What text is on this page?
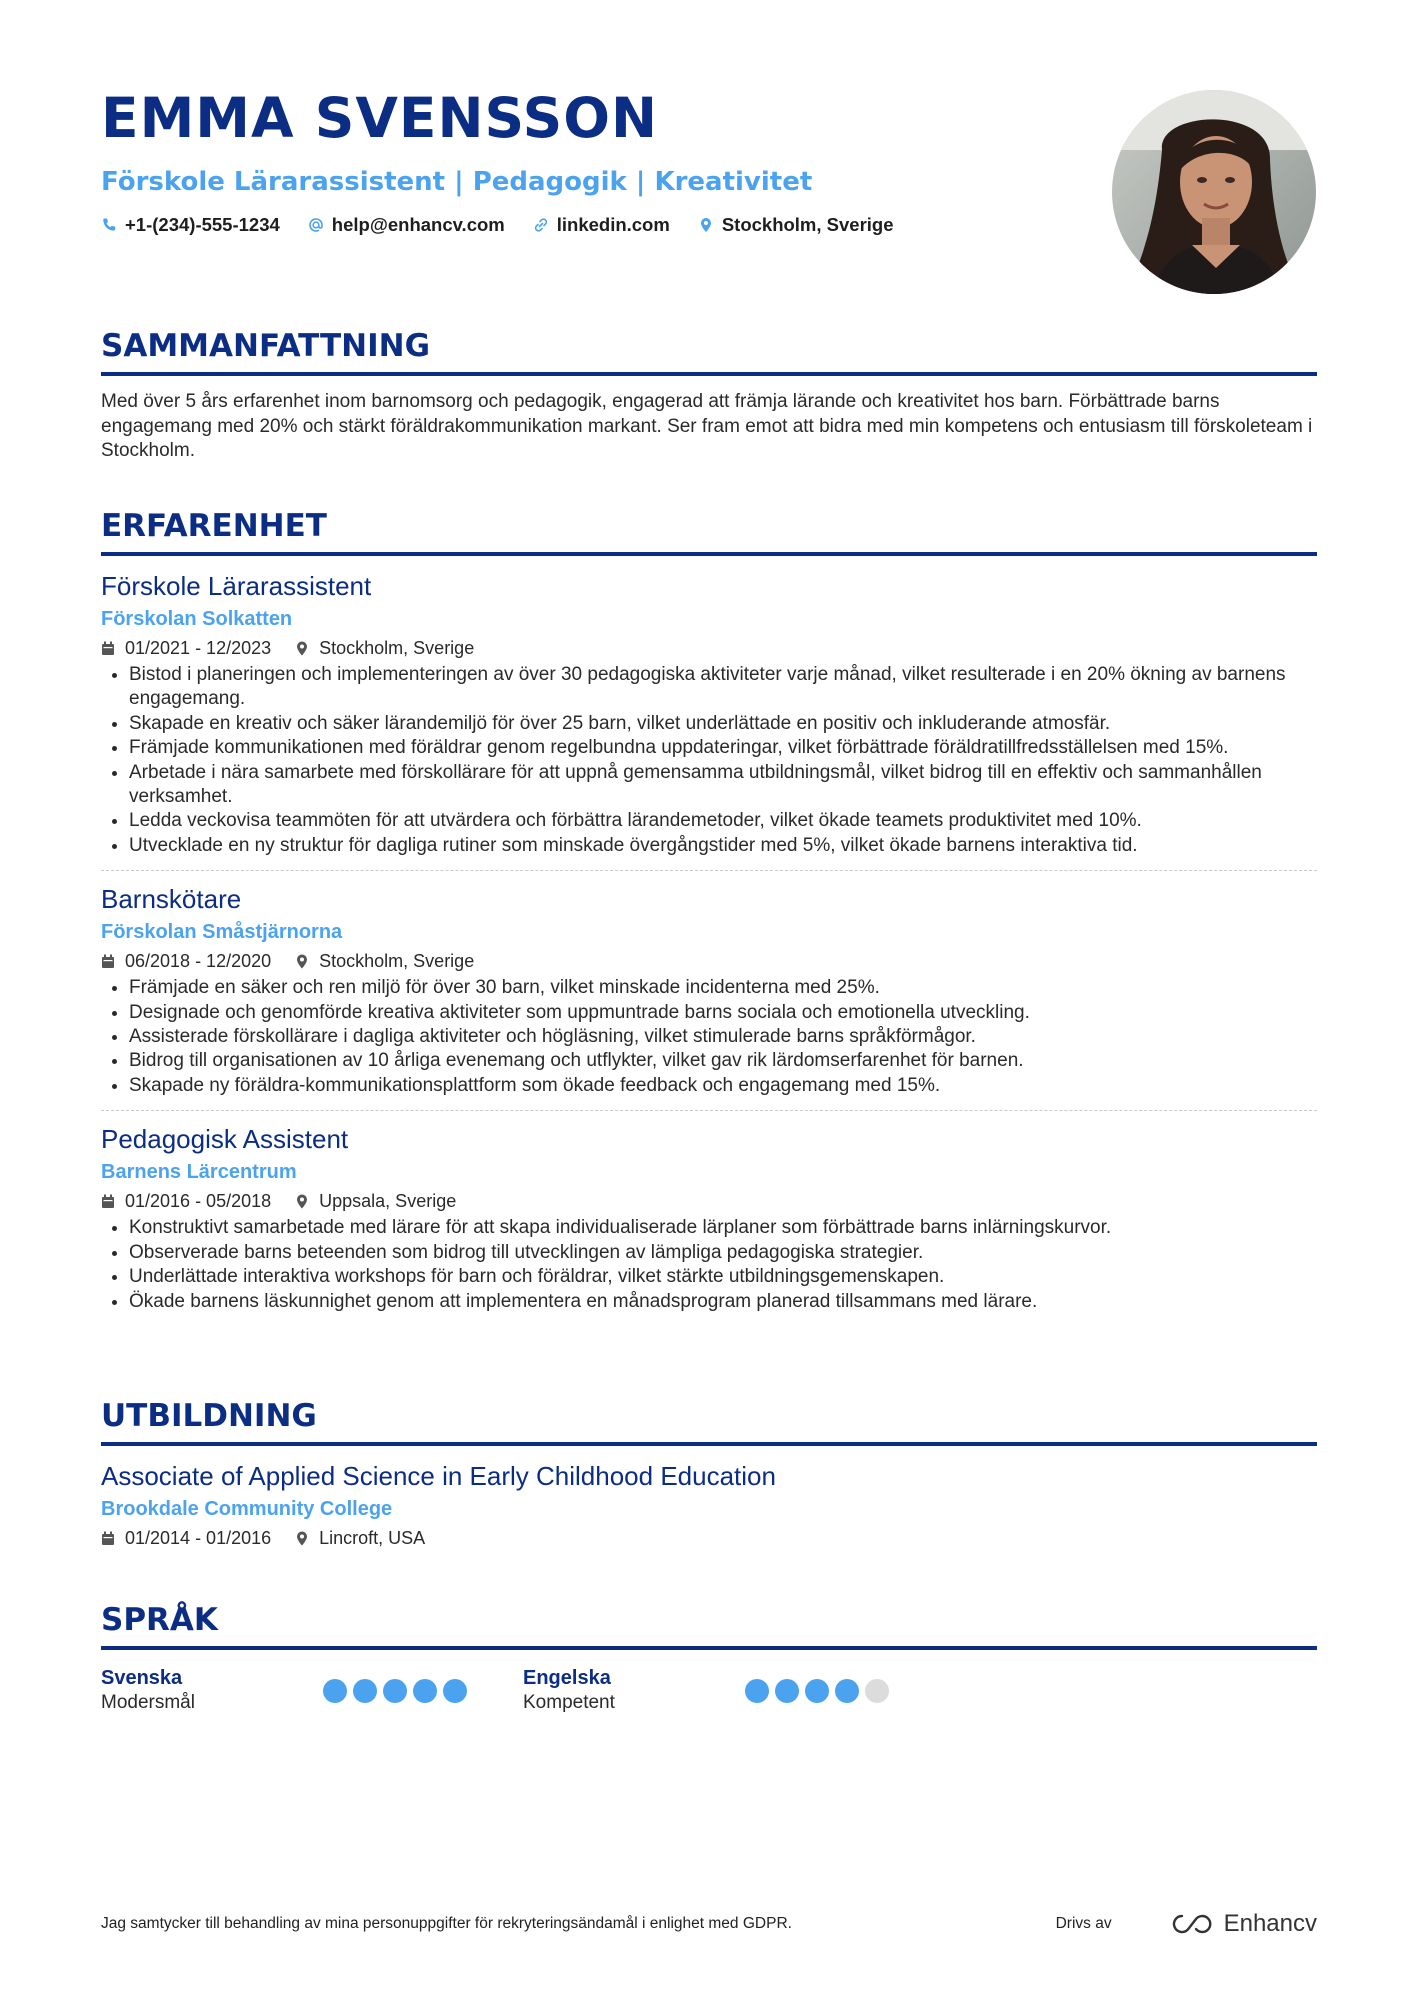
EMMA SVENSSON
Förskole Lärarassistent | Pedagogik | Kreativitet
+1-(234)-555-1234	help@enhancv.com	linkedin.com	Stockholm, Sverige
SAMMANFATTNING
Med över 5 års erfarenhet inom barnomsorg och pedagogik, engagerad att främja lärande och kreativitet hos barn. Förbättrade barns engagemang med 20% och stärkt föräldrakommunikation markant. Ser fram emot att bidra med min kompetens och entusiasm till förskoleteam i Stockholm.
ERFARENHET
Förskole Lärarassistent
Förskolan Solkatten
01/2021 - 12/2023	Stockholm, Sverige
• Bistod i planeringen och implementeringen av över 30 pedagogiska aktiviteter varje månad, vilket resulterade i en 20% ökning av barnens engagemang.
• Skapade en kreativ och säker lärandemiljö för över 25 barn, vilket underlättade en positiv och inkluderande atmosfär.
• Främjade kommunikationen med föräldrar genom regelbundna uppdateringar, vilket förbättrade föräldratillfredsställelsen med 15%.
• Arbetade i nära samarbete med förskollärare för att uppnå gemensamma utbildningsmål, vilket bidrog till en effektiv och sammanhållen verksamhet.
• Ledda veckovisa teammöten för att utvärdera och förbättra lärandemetoder, vilket ökade teamets produktivitet med 10%.
• Utvecklade en ny struktur för dagliga rutiner som minskade övergångstider med 5%, vilket ökade barnens interaktiva tid.
Barnskötare
Förskolan Småstjärnorna
06/2018 - 12/2020	Stockholm, Sverige
• Främjade en säker och ren miljö för över 30 barn, vilket minskade incidenterna med 25%.
• Designade och genomförde kreativa aktiviteter som uppmuntrade barns sociala och emotionella utveckling.
• Assisterade förskollärare i dagliga aktiviteter och högläsning, vilket stimulerade barns språkförmågor.
• Bidrog till organisationen av 10 årliga evenemang och utflykter, vilket gav rik lärdomserfarenhet för barnen.
• Skapade ny föräldra-kommunikationsplattform som ökade feedback och engagemang med 15%.
Pedagogisk Assistent
Barnens Lärcentrum
01/2016 - 05/2018	Uppsala, Sverige
• Konstruktivt samarbetade med lärare för att skapa individualiserade lärplaner som förbättrade barns inlärningskurvor.
• Observerade barns beteenden som bidrog till utvecklingen av lämpliga pedagogiska strategier.
• Underlättade interaktiva workshops för barn och föräldrar, vilket stärkte utbildningsgemenskapen.
• Ökade barnens läskunnighet genom att implementera en månadsprogram planerad tillsammans med lärare.
UTBILDNING
Associate of Applied Science in Early Childhood Education
Brookdale Community College
01/2014 - 01/2016	Lincroft, USA
SPRÅK
Svenska
Modersmål
Engelska
Kompetent
Jag samtycker till behandling av mina personuppgifter för rekryteringsändamål i enlighet med GDPR.	Drivs av	Enhancv
